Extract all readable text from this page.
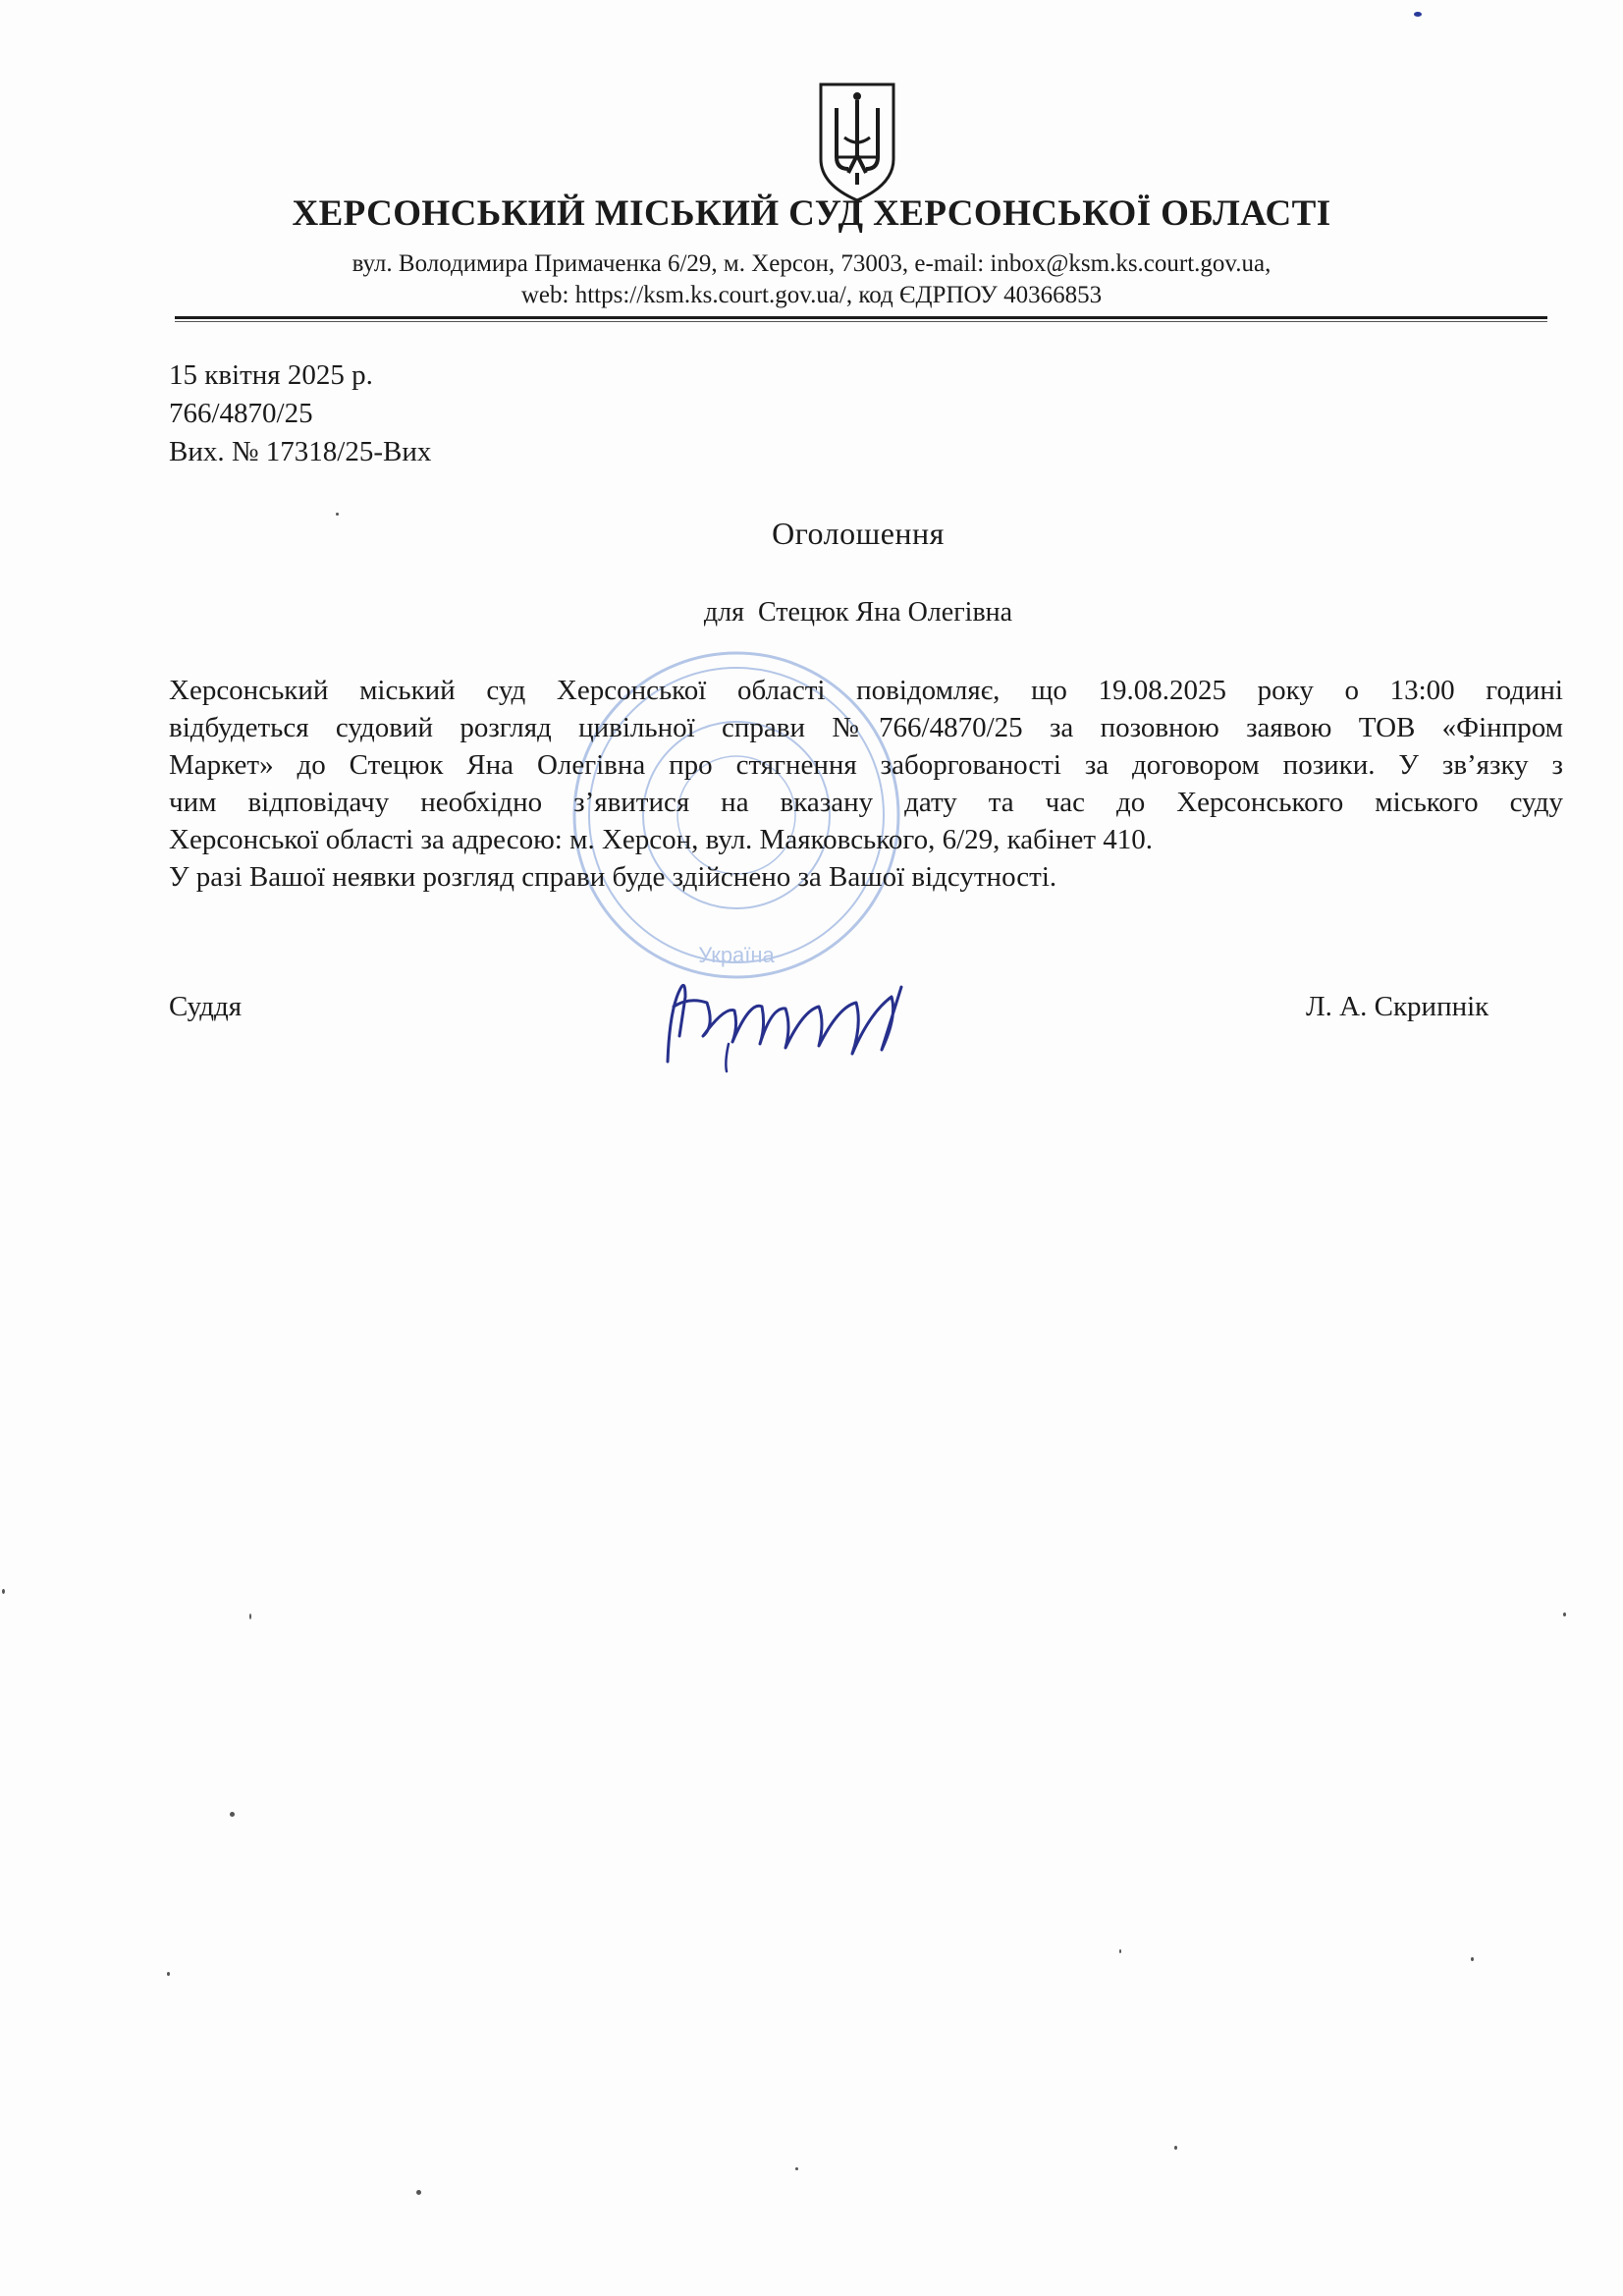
ХЕРСОНСЬКИЙ МІСЬКИЙ СУД ХЕРСОНСЬКОЇ ОБЛАСТІ
вул. Володимира Примаченка 6/29, м. Херсон, 73003, e-mail: inbox@ksm.ks.court.gov.ua,
web: https://ksm.ks.court.gov.ua/, код ЄДРПОУ 40366853
15 квітня 2025 р.
766/4870/25
Вих. № 17318/25-Вих
Оголошення
для  Стецюк Яна Олегівна
Україна
Херсонський міський суд Херсонської області повідомляє, що 19.08.2025 року о 13:00 годині
відбудеться судовий розгляд цивільної справи №766/4870/25 за позовною заявою ТОВ «Фінпром
Маркет» до Стецюк Яна Олегівна про стягнення заборгованості за договором позики. У зв’язку з
чим відповідачу необхідно з’явитися на вказану дату та час до Херсонського міського суду
Херсонської області за адресою: м. Херсон, вул. Маяковського, 6/29, кабінет 410.
У разі Вашої неявки розгляд справи буде здійснено за Вашої відсутності.
Суддя	Л. А. Скрипнік
